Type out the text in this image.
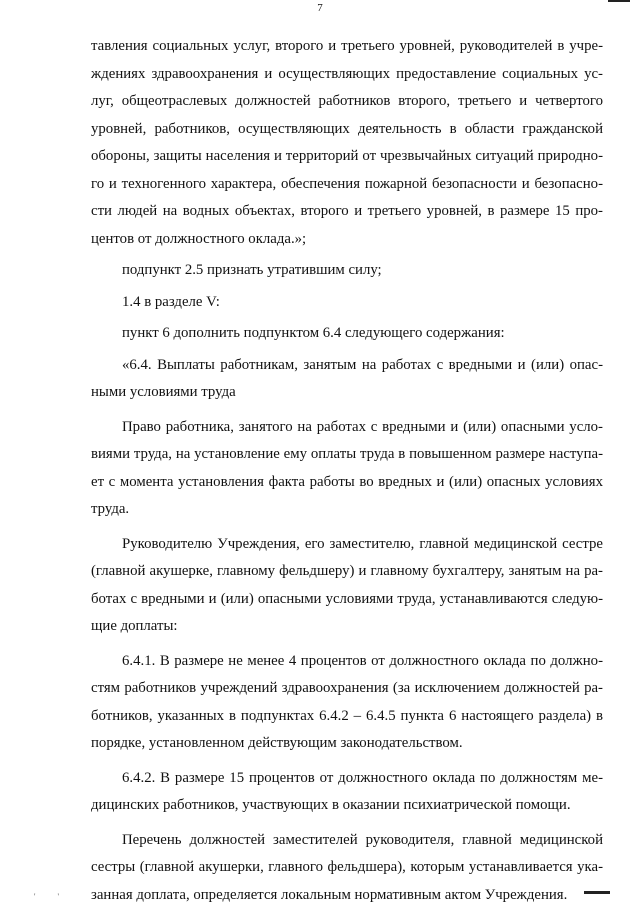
7

тавления социальных услуг, второго и третьего уровней, руководителей в учре-ждениях здравоохранения и осуществляющих предоставление социальных ус-луг, общеотраслевых должностей работников второго, третьего и четвертого уровней, работников, осуществляющих деятельность в области гражданской обороны, защиты населения и территорий от чрезвычайных ситуаций природно-го и техногенного характера, обеспечения пожарной безопасности и безопасно-сти людей на водных объектах, второго и третьего уровней, в размере 15 про-центов от должностного оклада.»;

подпункт 2.5 признать утратившим силу;

1.4 в разделе V:

пункт 6 дополнить подпунктом 6.4 следующего содержания:

«6.4. Выплаты работникам, занятым на работах с вредными и (или) опас-ными условиями труда

Право работника, занятого на работах с вредными и (или) опасными усло-виями труда, на установление ему оплаты труда в повышенном размере наступа-ет с момента установления факта работы во вредных и (или) опасных условиях труда.

Руководителю Учреждения, его заместителю, главной медицинской сестре (главной акушерке, главному фельдшеру) и главному бухгалтеру, занятым на ра-ботах с вредными и (или) опасными условиями труда, устанавливаются следую-щие доплаты:

6.4.1. В размере не менее 4 процентов от должностного оклада по должно-стям работников учреждений здравоохранения (за исключением должностей ра-ботников, указанных в подпунктах 6.4.2 – 6.4.5 пункта 6 настоящего раздела) в порядке, установленном действующим законодательством.

6.4.2. В размере 15 процентов от должностного оклада по должностям ме-дицинских работников, участвующих в оказании психиатрической помощи.

Перечень должностей заместителей руководителя, главной медицинской сестры (главной акушерки, главного фельдшера), которым устанавливается ука-занная доплата, определяется локальным нормативным актом Учреждения.

' '
